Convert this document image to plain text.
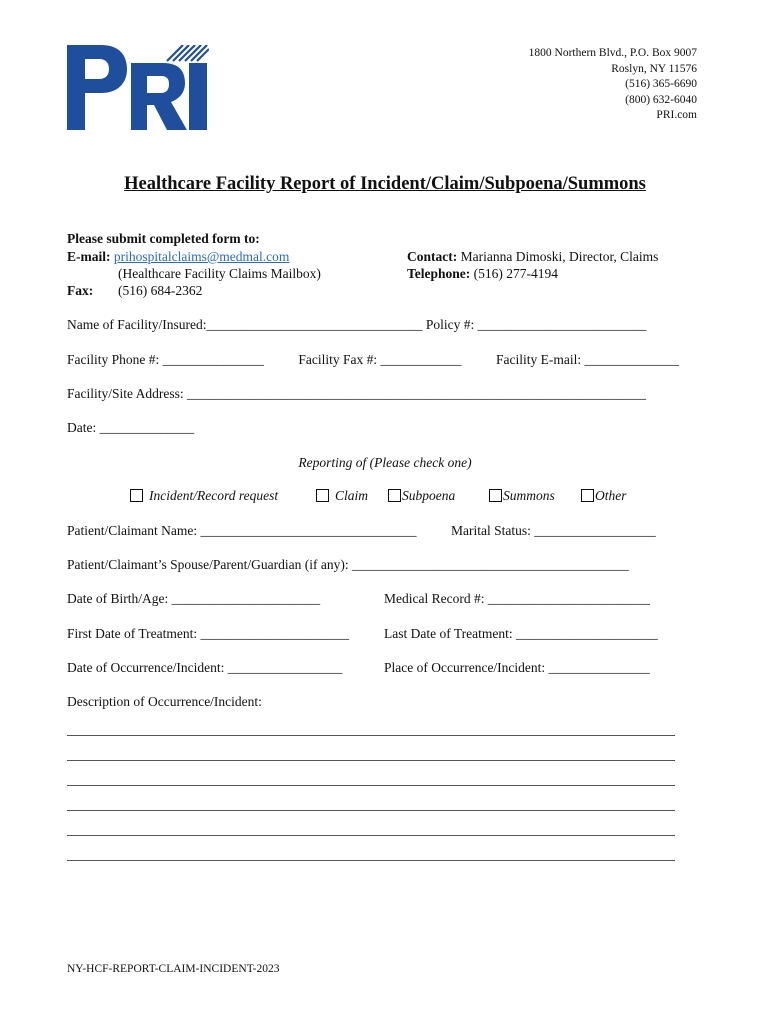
1800 Northern Blvd., P.O. Box 9007
Roslyn, NY 11576
(516) 365-6690
(800) 632-6040
PRI.com
Healthcare Facility Report of Incident/Claim/Subpoena/Summons
Please submit completed form to:
E-mail: prihospitalclaims@medmal.com
(Healthcare Facility Claims Mailbox)
Fax: (516) 684-2362
Contact: Marianna Dimoski, Director, Claims
Telephone: (516) 277-4194
Name of Facility/Insured:________________________________ Policy #: _________________________
Facility Phone #: _______________	Facility Fax #: ____________	Facility E-mail: ______________
Facility/Site Address: ____________________________________________________________________
Date: ______________
Reporting of (Please check one)
Incident/Record request	Claim	Subpoena	Summons	Other
Patient/Claimant Name: ________________________________	Marital Status: __________________
Patient/Claimant’s Spouse/Parent/Guardian (if any): _________________________________________
Date of Birth/Age: ______________________	Medical Record #: ________________________
First Date of Treatment: ______________________	Last Date of Treatment: _____________________
Date of Occurrence/Incident: _________________	Place of Occurrence/Incident: _______________
Description of Occurrence/Incident:
NY-HCF-REPORT-CLAIM-INCIDENT-2023
